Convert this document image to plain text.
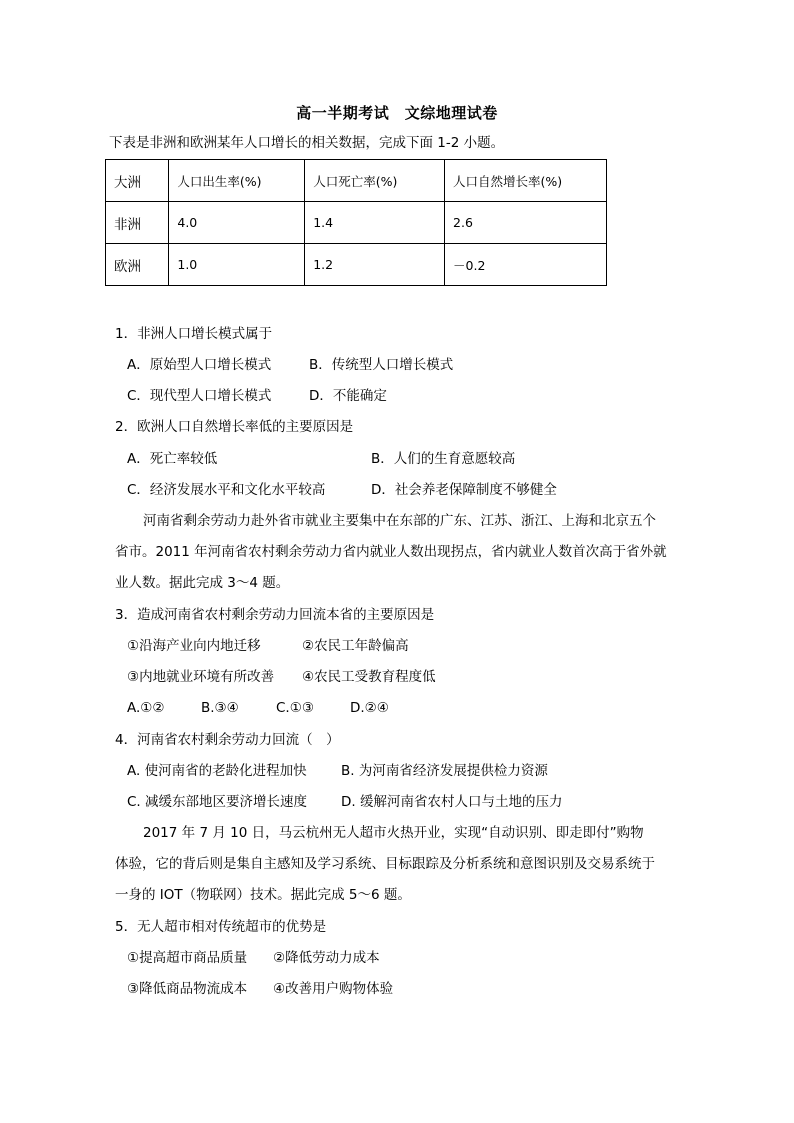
高一半期考试　文综地理试卷
下表是非洲和欧洲某年人口增长的相关数据，完成下面 1-2 小题。
大洲	人口出生率(%)	人口死亡率(%)	人口自然增长率(%)
非洲	4.0	1.4	2.6
欧洲	1.0	1.2	－0.2
1．非洲人口增长模式属于
A．原始型人口增长模式	B．传统型人口增长模式
C．现代型人口增长模式	D．不能确定
2．欧洲人口自然增长率低的主要原因是
A．死亡率较低	B．人们的生育意愿较高
C．经济发展水平和文化水平较高	D．社会养老保障制度不够健全
河南省剩余劳动力赴外省市就业主要集中在东部的广东、江苏、浙江、上海和北京五个
省市。2011 年河南省农村剩余劳动力省内就业人数出现拐点，省内就业人数首次高于省外就
业人数。据此完成 3～4 题。
3．造成河南省农村剩余劳动力回流本省的主要原因是
①沿海产业向内地迁移	②农民工年龄偏高
③内地就业环境有所改善 ④农民工受教育程度低
A.①②	B.③④	C.①③	D.②④
4．河南省农村剩余劳动力回流（　）
A. 使河南省的老龄化进程加快	B. 为河南省经济发展提供检力资源
C. 减缓东部地区要济增长速度	D. 缓解河南省农村人口与土地的压力
2017 年 7 月 10 日，马云杭州无人超市火热开业，实现“自动识别、即走即付”购物
体验，它的背后则是集自主感知及学习系统、目标跟踪及分析系统和意图识别及交易系统于
一身的 IOT（物联网）技术。据此完成 5～6 题。
5．无人超市相对传统超市的优势是
①提高超市商品质量 ②降低劳动力成本
③降低商品物流成本 ④改善用户购物体验
